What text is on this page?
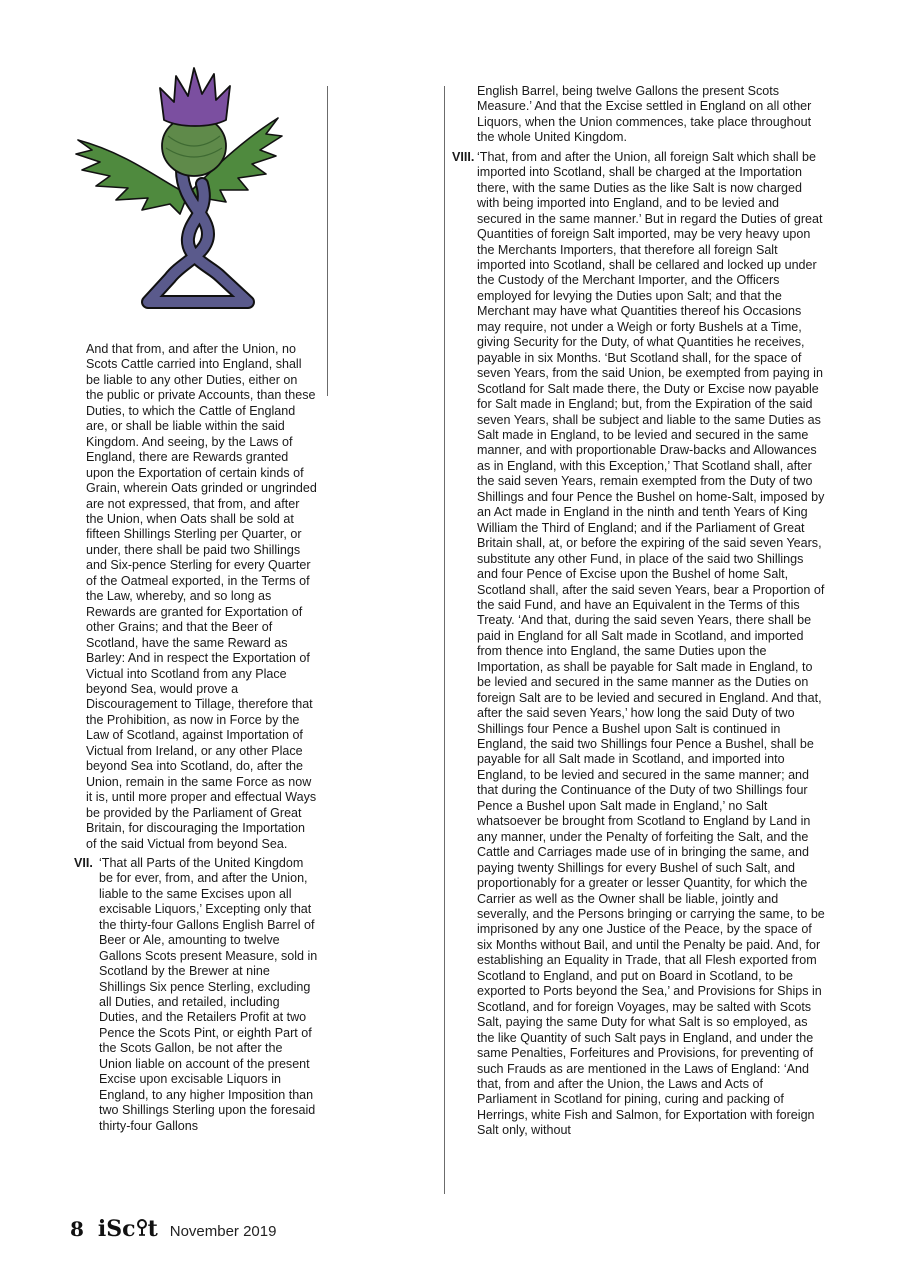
And that from, and after the Union, no Scots Cattle carried into England, shall be liable to any other Duties, either on the public or private Accounts, than these Duties, to which the Cattle of England are, or shall be liable within the said Kingdom. And seeing, by the Laws of England, there are Rewards granted upon the Exportation of certain kinds of Grain, wherein Oats grinded or ungrinded are not expressed, that from, and after the Union, when Oats shall be sold at fifteen Shillings Sterling per Quarter, or under, there shall be paid two Shillings and Six-pence Sterling for every Quarter of the Oatmeal exported, in the Terms of the Law, whereby, and so long as Rewards are granted for Exportation of other Grains; and that the Beer of Scotland, have the same Reward as Barley: And in respect the Exportation of Victual into Scotland from any Place beyond Sea, would prove a Discouragement to Tillage, therefore that the Prohibition, as now in Force by the Law of Scotland, against Importation of Victual from Ireland, or any other Place beyond Sea into Scotland, do, after the Union, remain in the same Force as now it is, until more proper and effectual Ways be provided by the Parliament of Great Britain, for discouraging the Importation of the said Victual from beyond Sea.

VII. ‘That all Parts of the United Kingdom be for ever, from, and after the Union, liable to the same Excises upon all excisable Liquors,’ Excepting only that the thirty-four Gallons English Barrel of Beer or Ale, amounting to twelve Gallons Scots present Measure, sold in Scotland by the Brewer at nine Shillings Six pence Sterling, excluding all Duties, and retailed, including Duties, and the Retailers Profit at two Pence the Scots Pint, or eighth Part of the Scots Gallon, be not after the Union liable on account of the present Excise upon excisable Liquors in England, to any higher Imposition than two Shillings Sterling upon the foresaid thirty-four Gallons

English Barrel, being twelve Gallons the present Scots Measure.’ And that the Excise settled in England on all other Liquors, when the Union commences, take place throughout the whole United Kingdom.

VIII. ‘That, from and after the Union, all foreign Salt which shall be imported into Scotland, shall be charged at the Importation there, with the same Duties as the like Salt is now charged with being imported into England, and to be levied and secured in the same manner.’ But in regard the Duties of great Quantities of foreign Salt imported, may be very heavy upon the Merchants Importers, that therefore all foreign Salt imported into Scotland, shall be cellared and locked up under the Custody of the Merchant Importer, and the Officers employed for levying the Duties upon Salt; and that the Merchant may have what Quantities thereof his Occasions may require, not under a Weigh or forty Bushels at a Time, giving Security for the Duty, of what Quantities he receives, payable in six Months. ‘But Scotland shall, for the space of seven Years, from the said Union, be exempted from paying in Scotland for Salt made there, the Duty or Excise now payable for Salt made in England; but, from the Expiration of the said seven Years, shall be subject and liable to the same Duties as Salt made in England, to be levied and secured in the same manner, and with proportionable Draw-backs and Allowances as in England, with this Exception,’ That Scotland shall, after the said seven Years, remain exempted from the Duty of two Shillings and four Pence the Bushel on home-Salt, imposed by an Act made in England in the ninth and tenth Years of King William the Third of England; and if the Parliament of Great Britain shall, at, or before the expiring of the said seven Years, substitute any other Fund, in place of the said two Shillings and four Pence of Excise upon the Bushel of home Salt, Scotland shall, after the said seven Years, bear a Proportion of the said Fund, and have an Equivalent in the Terms of this Treaty. ‘And that, during the said seven Years, there shall be paid in England for all Salt made in Scotland, and imported from thence into England, the same Duties upon the Importation, as shall be payable for Salt made in England, to be levied and secured in the same manner as the Duties on foreign Salt are to be levied and secured in England. And that, after the said seven Years,’ how long the said Duty of two Shillings four Pence a Bushel upon Salt is continued in England, the said two Shillings four Pence a Bushel, shall be payable for all Salt made in Scotland, and imported into England, to be levied and secured in the same manner; and that during the Continuance of the Duty of two Shillings four Pence a Bushel upon Salt made in England,’ no Salt whatsoever be brought from Scotland to England by Land in any manner, under the Penalty of forfeiting the Salt, and the Cattle and Carriages made use of in bringing the same, and paying twenty Shillings for every Bushel of such Salt, and proportionably for a greater or lesser Quantity, for which the Carrier as well as the Owner shall be liable, jointly and severally, and the Persons bringing or carrying the same, to be imprisoned by any one Justice of the Peace, by the space of six Months without Bail, and until the Penalty be paid. And, for establishing an Equality in Trade, that all Flesh exported from Scotland to England, and put on Board in Scotland, to be exported to Ports beyond the Sea,’ and Provisions for Ships in Scotland, and for foreign Voyages, may be salted with Scots Salt, paying the same Duty for what Salt is so employed, as the like Quantity of such Salt pays in England, and under the same Penalties, Forfeitures and Provisions, for preventing of such Frauds as are mentioned in the Laws of England: ‘And that, from and after the Union, the Laws and Acts of Parliament in Scotland for pining, curing and packing of Herrings, white Fish and Salmon, for Exportation with foreign Salt only, without
8 iSc t November 2019
